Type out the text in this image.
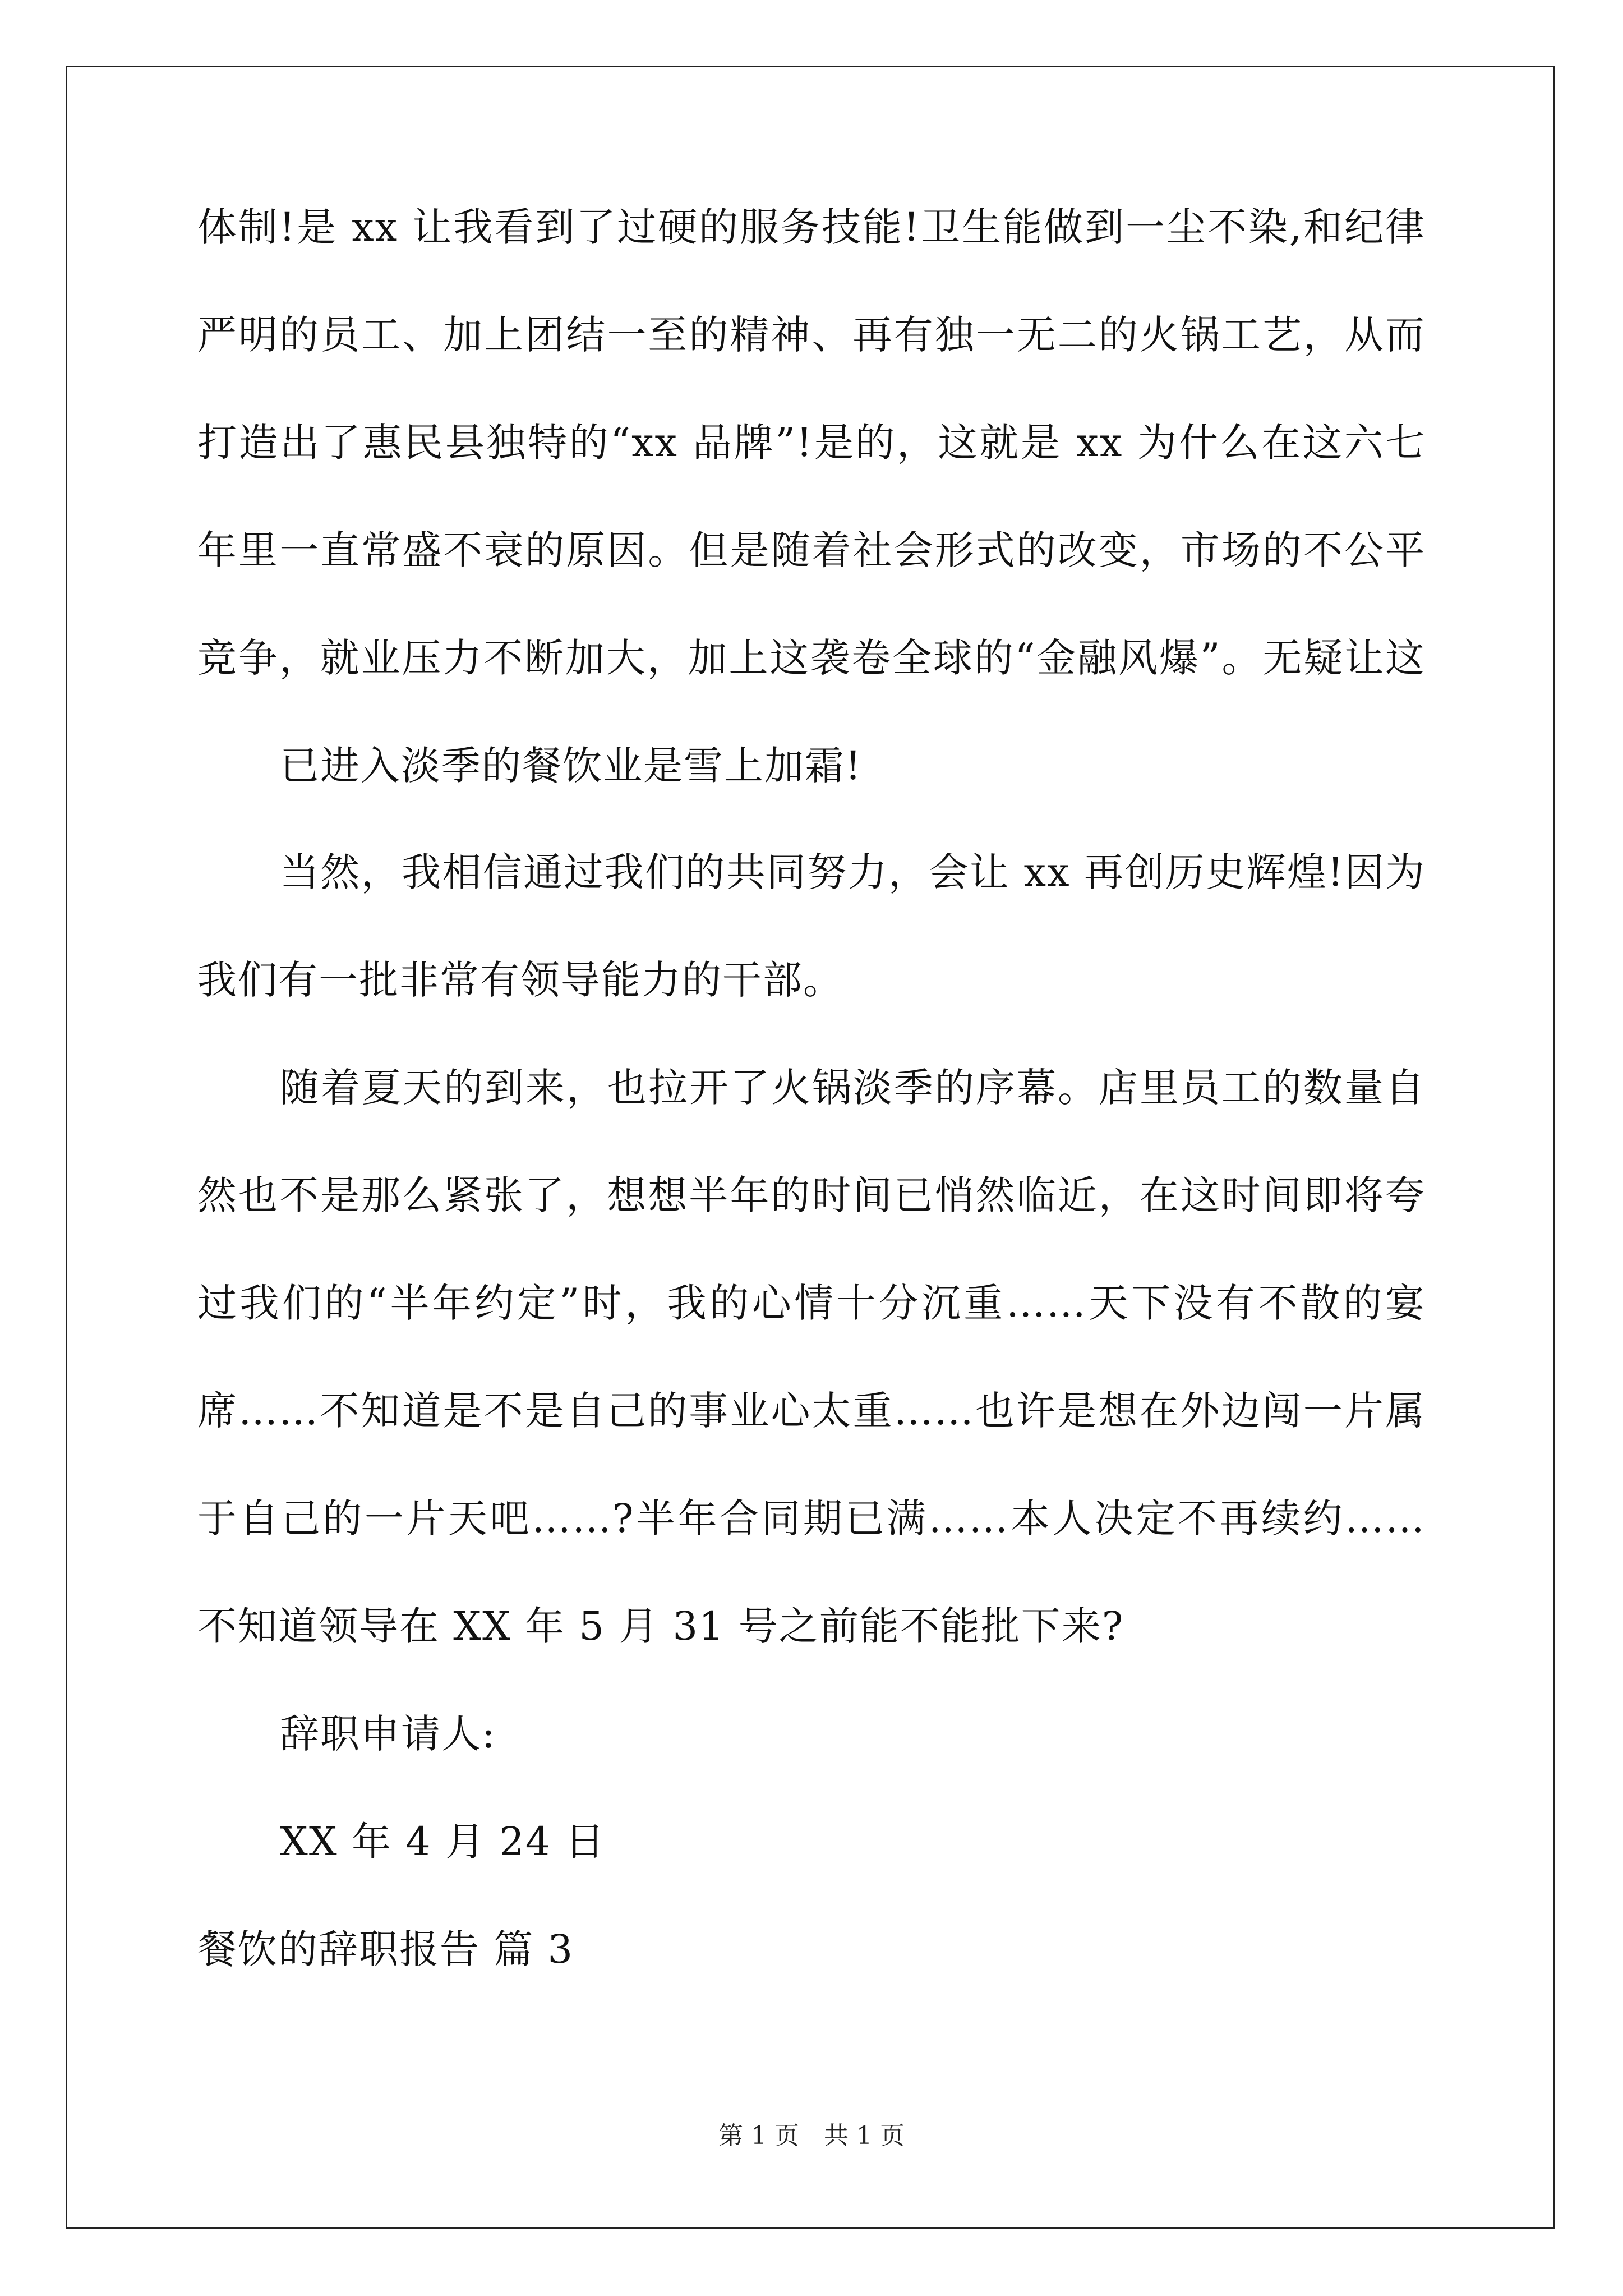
体制!是 xx 让我看到了过硬的服务技能!卫生能做到一尘不染,和纪律
严明的员工、加上团结一至的精神、再有独一无二的火锅工艺，从而
打造出了惠民县独特的“xx 品牌”!是的，这就是 xx 为什么在这六七
年里一直常盛不衰的原因。但是随着社会形式的改变，市场的不公平
竞争，就业压力不断加大，加上这袭卷全球的“金融风爆”。无疑让这
已进入淡季的餐饮业是雪上加霜!
当然，我相信通过我们的共同努力，会让 xx 再创历史辉煌!因为
我们有一批非常有领导能力的干部。
随着夏天的到来，也拉开了火锅淡季的序幕。店里员工的数量自
然也不是那么紧张了，想想半年的时间已悄然临近，在这时间即将夸
过我们的“半年约定”时，我的心情十分沉重……天下没有不散的宴
席……不知道是不是自己的事业心太重……也许是想在外边闯一片属
于自己的一片天吧……?半年合同期已满……本人决定不再续约……
不知道领导在 XX 年 5 月 31 号之前能不能批下来?
辞职申请人:
XX 年 4 月 24 日
餐饮的辞职报告 篇 3
第 1 页　共 1 页
